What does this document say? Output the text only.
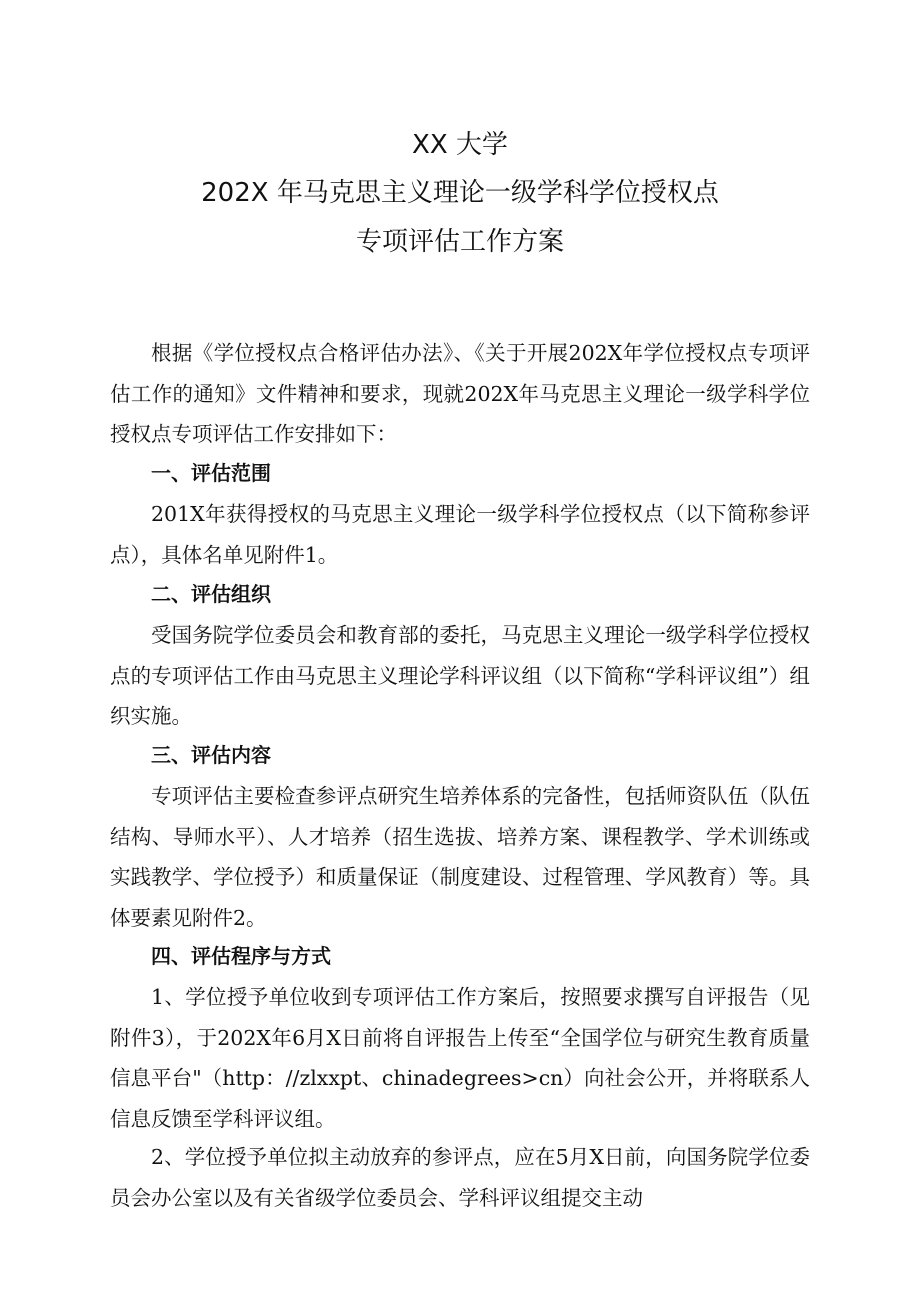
XX 大学
202X 年马克思主义理论一级学科学位授权点
专项评估工作方案

根据《学位授权点合格评估办法》、《关于开展202X年学位授权点专项评估工作的通知》文件精神和要求，现就202X年马克思主义理论一级学科学位授权点专项评估工作安排如下：

一、评估范围

201X年获得授权的马克思主义理论一级学科学位授权点（以下简称参评点），具体名单见附件1。

二、评估组织

受国务院学位委员会和教育部的委托，马克思主义理论一级学科学位授权点的专项评估工作由马克思主义理论学科评议组（以下简称“学科评议组”）组织实施。

三、评估内容

专项评估主要检查参评点研究生培养体系的完备性，包括师资队伍（队伍结构、导师水平）、人才培养（招生选拔、培养方案、课程教学、学术训练或实践教学、学位授予）和质量保证（制度建设、过程管理、学风教育）等。具体要素见附件2。

四、评估程序与方式

1、学位授予单位收到专项评估工作方案后，按照要求撰写自评报告（见附件3），于202X年6月X日前将自评报告上传至“全国学位与研究生教育质量信息平台"（http：//zlxxpt、chinadegrees>cn）向社会公开，并将联系人信息反馈至学科评议组。

2、学位授予单位拟主动放弃的参评点，应在5月X日前，向国务院学位委员会办公室以及有关省级学位委员会、学科评议组提交主动
